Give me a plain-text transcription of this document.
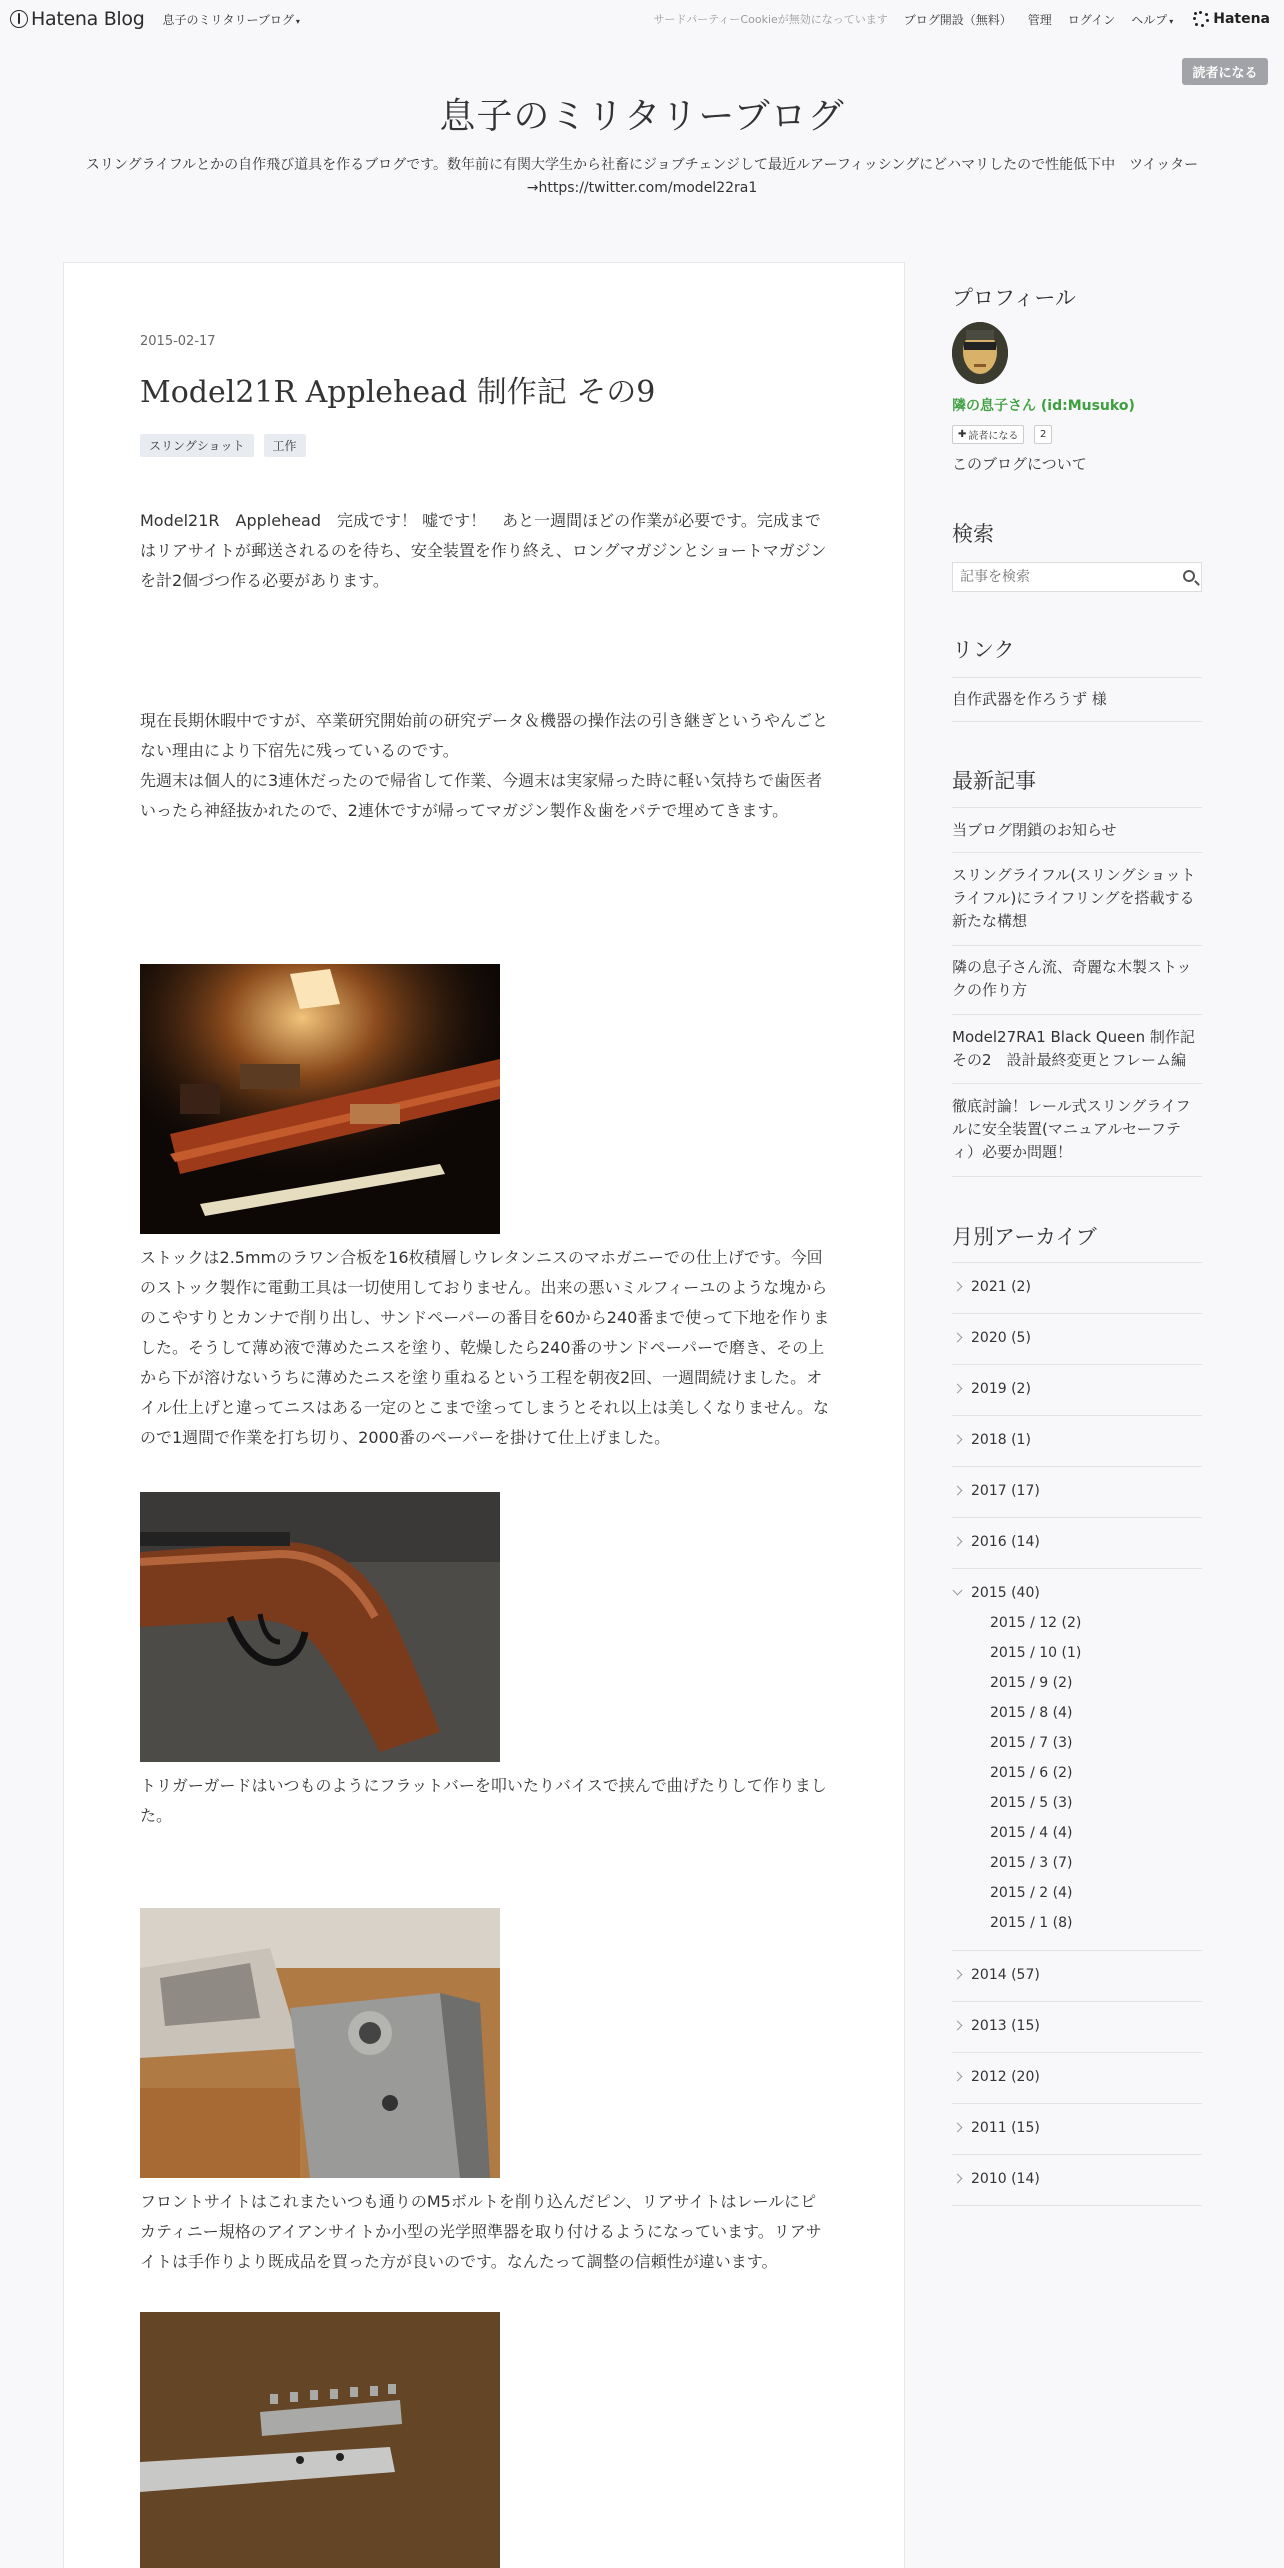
Hatena Blog 息子のミリタリーブログ ▾	サードパーティーCookieが無効になっています ブログ開設（無料） 管理 ログイン ヘルプ ▾	Hatena
読者になる
息子のミリタリーブログ
スリングライフルとかの自作飛び道具を作るブログです。数年前に有関大学生から社畜にジョブチェンジして最近ルアーフィッシングにどハマリしたので性能低下中　ツイッター→https://twitter.com/model22ra1
2015-02-17
Model21R Applehead 制作記 その9
スリングショット	工作
Model21R　Applehead　完成です！ 嘘です！　あと一週間ほどの作業が必要です。完成まではリアサイトが郵送されるのを待ち、安全装置を作り終え、ロングマガジンとショートマガジンを計2個づつ作る必要があります。
現在長期休暇中ですが、卒業研究開始前の研究データ＆機器の操作法の引き継ぎというやんごとない理由により下宿先に残っているのです。
先週末は個人的に3連休だったので帰省して作業、今週末は実家帰った時に軽い気持ちで歯医者いったら神経抜かれたので、2連休ですが帰ってマガジン製作＆歯をパテで埋めてきます。
ストックは2.5mmのラワン合板を16枚積層しウレタンニスのマホガニーでの仕上げです。今回のストック製作に電動工具は一切使用しておりません。出来の悪いミルフィーユのような塊からのこやすりとカンナで削り出し、サンドペーパーの番目を60から240番まで使って下地を作りました。そうして薄め液で薄めたニスを塗り、乾燥したら240番のサンドペーパーで磨き、その上から下が溶けないうちに薄めたニスを塗り重ねるという工程を朝夜2回、一週間続けました。オイル仕上げと違ってニスはある一定のとこまで塗ってしまうとそれ以上は美しくなりません。なので1週間で作業を打ち切り、2000番のペーパーを掛けて仕上げました。
トリガーガードはいつものようにフラットバーを叩いたりバイスで挟んで曲げたりして作りました。
フロントサイトはこれまたいつも通りのM5ボルトを削り込んだピン、リアサイトはレールにピカティニー規格のアイアンサイトか小型の光学照準器を取り付けるようになっています。リアサイトは手作りより既成品を買った方が良いのです。なんたって調整の信頼性が違います。
プロフィール
隣の息子さん (id:Musuko)
✚ 読者になる	2
このブログについて
検索
記事を検索
リンク
自作武器を作ろうず 様
最新記事
当ブログ閉鎖のお知らせ
スリングライフル(スリングショットライフル)にライフリングを搭載する新たな構想
隣の息子さん流、奇麗な木製ストックの作り方
Model27RA1 Black Queen 制作記 その2　設計最終変更とフレーム編
徹底討論！レール式スリングライフルに安全装置(マニュアルセーフティ）必要か問題！
月別アーカイブ
2021 (2)
2020 (5)
2019 (2)
2018 (1)
2017 (17)
2016 (14)
2015 (40)
2015 / 12 (2)
2015 / 10 (1)
2015 / 9 (2)
2015 / 8 (4)
2015 / 7 (3)
2015 / 6 (2)
2015 / 5 (3)
2015 / 4 (4)
2015 / 3 (7)
2015 / 2 (4)
2015 / 1 (8)
2014 (57)
2013 (15)
2012 (20)
2011 (15)
2010 (14)
